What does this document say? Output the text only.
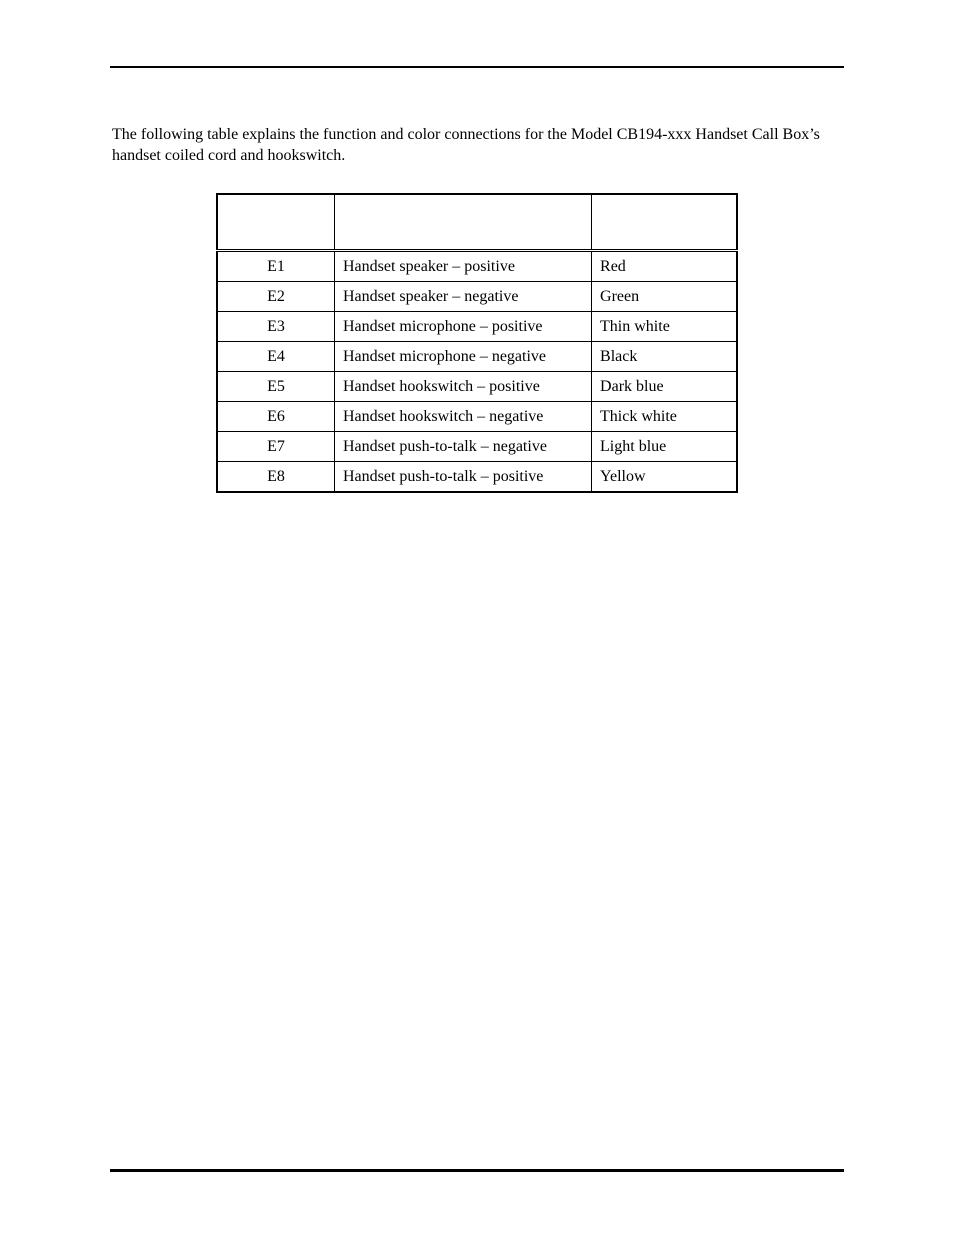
The following table explains the function and color connections for the Model CB194-xxx Handset Call Box’s handset coiled cord and hookswitch.

E1	Handset speaker – positive	Red
E2	Handset speaker – negative	Green
E3	Handset microphone – positive	Thin white
E4	Handset microphone – negative	Black
E5	Handset hookswitch – positive	Dark blue
E6	Handset hookswitch – negative	Thick white
E7	Handset push-to-talk – negative	Light blue
E8	Handset push-to-talk – positive	Yellow
